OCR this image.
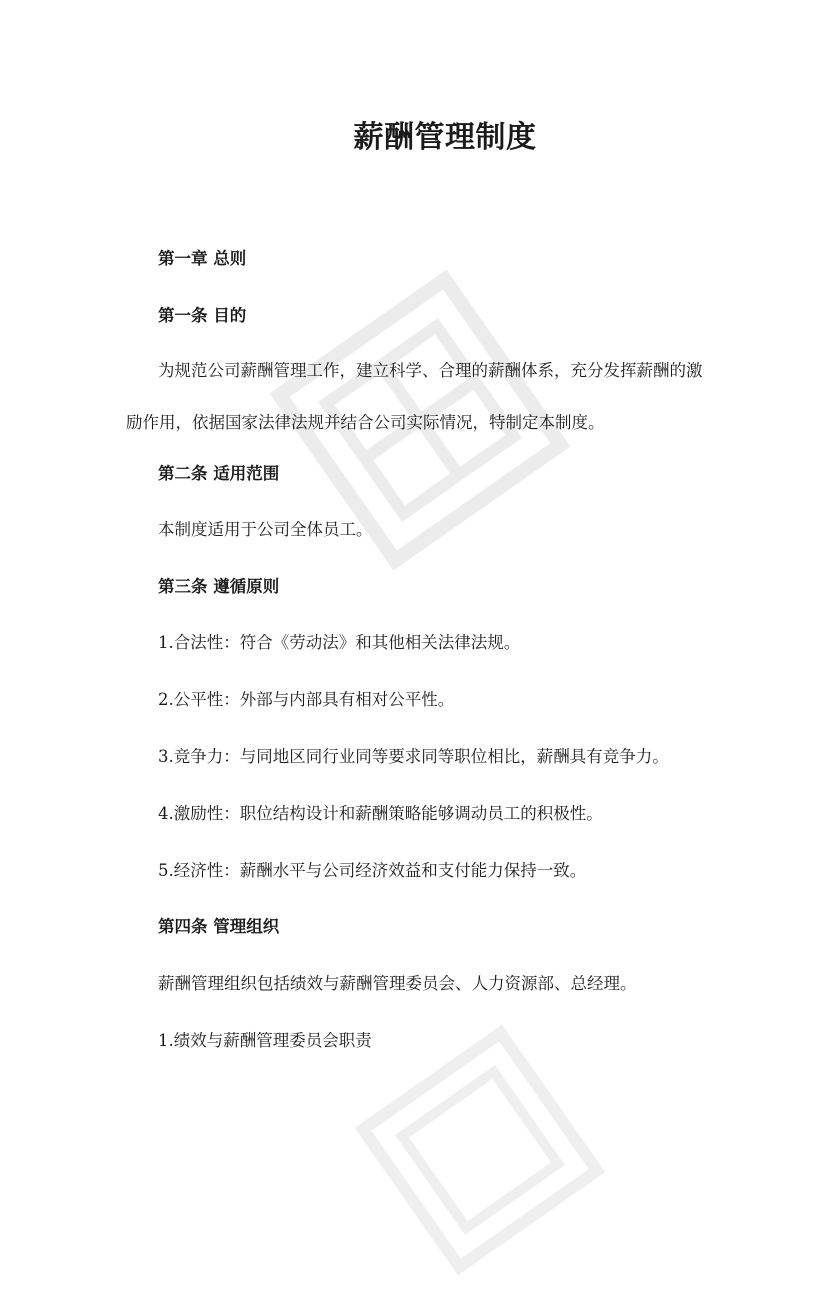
薪酬管理制度

第一章 总则

第一条 目的

为规范公司薪酬管理工作，建立科学、合理的薪酬体系，充分发挥薪酬的激励作用，依据国家法律法规并结合公司实际情况，特制定本制度。

第二条 适用范围

本制度适用于公司全体员工。

第三条 遵循原则

1.合法性：符合《劳动法》和其他相关法律法规。

2.公平性：外部与内部具有相对公平性。

3.竞争力：与同地区同行业同等要求同等职位相比，薪酬具有竞争力。

4.激励性：职位结构设计和薪酬策略能够调动员工的积极性。

5.经济性：薪酬水平与公司经济效益和支付能力保持一致。

第四条 管理组织

薪酬管理组织包括绩效与薪酬管理委员会、人力资源部、总经理。

1.绩效与薪酬管理委员会职责
